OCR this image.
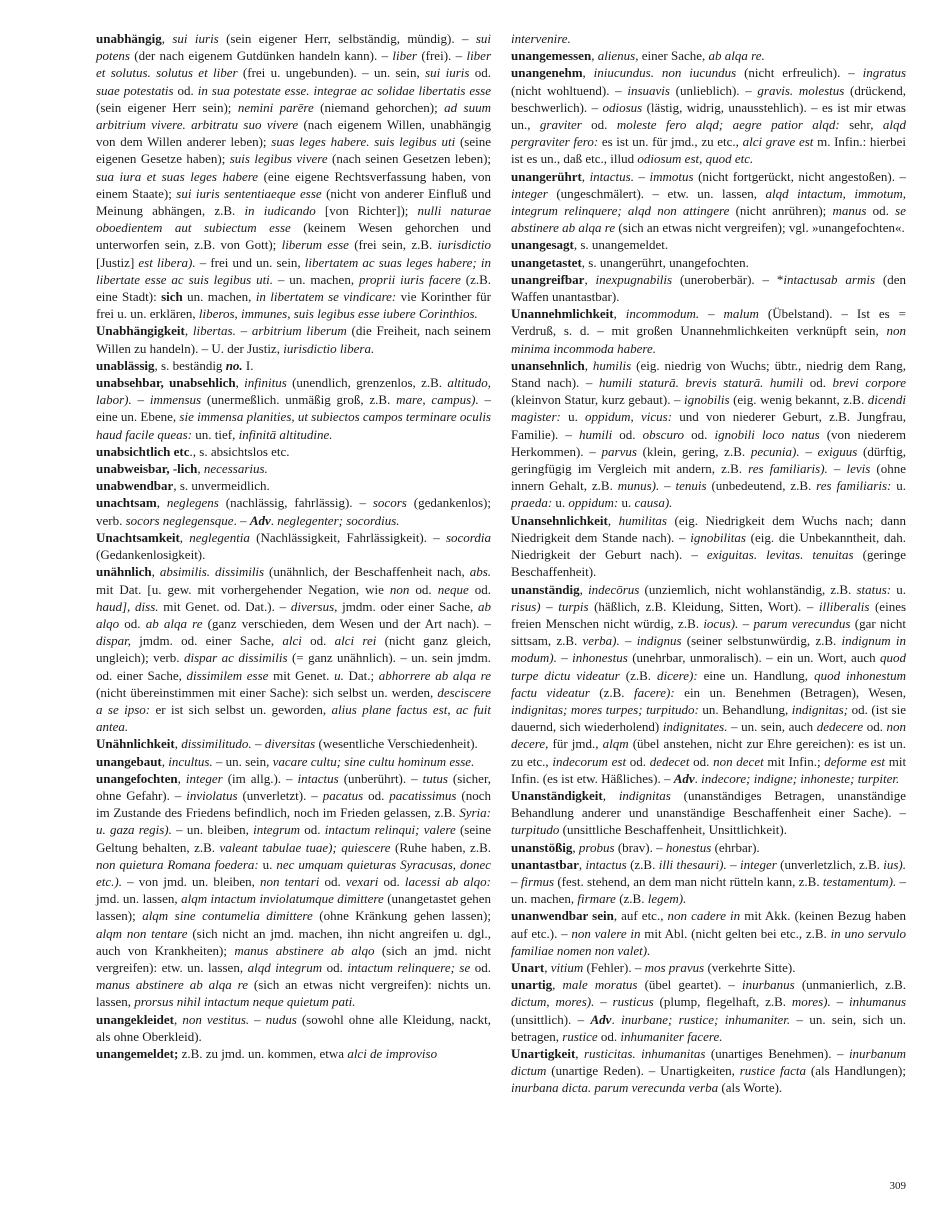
unabhängig, sui iuris (sein eigener Herr, selbständig, mündig). – sui potens (der nach eigenem Gutdünken handeln kann). – liber (frei). – liber et solutus. solutus et liber (frei u. ungebunden). – un. sein, sui iuris od. suae potestatis od. in sua potestate esse. integrae ac solidae libertatis esse (sein eigener Herr sein); nemini parēre (niemand gehorchen); ad suum arbitrium vivere. arbitratu suo vivere (nach eigenem Willen, unabhängig von dem Willen anderer leben); suas leges habere. suis legibus uti (seine eigenen Gesetze haben); suis legibus vivere (nach seinen Gesetzen leben); sua iura et suas leges habere (eine eigene Rechtsverfassung haben, von einem Staate); sui iuris sententiaeque esse (nicht von anderer Einfluß und Meinung abhängen, z.B. in iudicando [von Richter]); nulli naturae oboedientem aut subiectum esse (keinem Wesen gehorchen und unterworfen sein, z.B. von Gott); liberum esse (frei sein, z.B. iurisdictio [Justiz] est libera). – frei und un. sein, libertatem ac suas leges habere; in libertate esse ac suis legibus uti. – un. machen, proprii iuris facere (z.B. eine Stadt): sich un. machen, in libertatem se vindicare: vie Korinther für frei u. un. erklären, liberos, immunes, suis legibus esse iubere Corinthios.

Unabhängigkeit, libertas. – arbitrium liberum (die Freiheit, nach seinem Willen zu handeln). – U. der Justiz, iurisdictio libera.

unablässig, s. beständig no. I.

unabsehbar, unabsehlich, infinitus (unendlich, grenzenlos, z.B. altitudo, labor). – immensus (unermeßlich. unmäßig groß, z.B. mare, campus). – eine un. Ebene, sie immensa planities, ut subiectos campos terminare oculis haud facile queas: un. tief, infinitā altitudine.

unabsichtlich etc., s. absichtslos etc.

unabweisbar, -lich, necessarius.

unabwendbar, s. unvermeidlich.

unachtsam, neglegens (nachlässig, fahrlässig). – socors (gedankenlos); verb. socors neglegensque. – Adv. neglegenter; socordius.

Unachtsamkeit, neglegentia (Nachlässigkeit, Fahrlässigkeit). – socordia (Gedankenlosigkeit).

unähnlich, absimilis. dissimilis (unähnlich, der Beschaffenheit nach, abs. mit Dat. [u. gew. mit vorhergehender Negation, wie non od. neque od. haud], diss. mit Genet. od. Dat.). – diversus, jmdm. oder einer Sache, ab alqo od. ab alqa re (ganz verschieden, dem Wesen und der Art nach). – dispar, jmdm. od. einer Sache, alci od. alci rei (nicht ganz gleich, ungleich); verb. dispar ac dissimilis (= ganz unähnlich). – un. sein jmdm. od. einer Sache, dissimilem esse mit Genet. u. Dat.; abhorrere ab alqa re (nicht übereinstimmen mit einer Sache): sich selbst un. werden, desciscere a se ipso: er ist sich selbst un. geworden, alius plane factus est, ac fuit antea.

Unähnlichkeit, dissimilitudo. – diversitas (wesentliche Verschiedenheit).

unangebaut, incultus. – un. sein, vacare cultu; sine cultu hominum esse.

unangefochten, integer (im allg.). – intactus (unberührt). – tutus (sicher, ohne Gefahr). – inviolatus (unverletzt). – pacatus od. pacatissimus (noch im Zustande des Friedens befindlich, noch im Frieden gelassen, z.B. Syria: u. gaza regis). – un. bleiben, integrum od. intactum relinqui; valere (seine Geltung behalten, z.B. valeant tabulae tuae); quiescere (Ruhe haben, z.B. non quietura Romana foedera: u. nec umquam quieturas Syracusas, donec etc.). – von jmd. un. bleiben, non tentari od. vexari od. lacessi ab alqo: jmd. un. lassen, alqm intactum inviolatumque dimittere (unangetastet gehen lassen); alqm sine contumelia dimittere (ohne Kränkung gehen lassen); alqm non tentare (sich nicht an jmd. machen, ihn nicht angreifen u. dgl., auch von Krankheiten); manus abstinere ab alqo (sich an jmd. nicht vergreifen): etw. un. lassen, alqd integrum od. intactum relinquere; se od. manus abstinere ab alqa re (sich an etwas nicht vergreifen): nichts un. lassen, prorsus nihil intactum neque quietum pati.

unangekleidet, non vestitus. – nudus (sowohl ohne alle Kleidung, nackt, als ohne Oberkleid).

unangemeldet; z.B. zu jmd. un. kommen, etwa alci de improviso

intervenire.

unangemessen, alienus, einer Sache, ab alqa re.

unangenehm, iniucundus. non iucundus (nicht erfreulich). – ingratus (nicht wohltuend). – insuavis (unlieblich). – gravis. molestus (drückend, beschwerlich). – odiosus (lästig, widrig, unausstehlich). – es ist mir etwas un., graviter od. moleste fero alqd; aegre patior alqd: sehr, alqd pergraviter fero: es ist un. für jmd., zu etc., alci grave est m. Infin.: hierbei ist es un., daß etc., illud odiosum est, quod etc.

unangerührt, intactus. – immotus (nicht fortgerückt, nicht angestoßen). – integer (ungeschmälert). – etw. un. lassen, alqd intactum, immotum, integrum relinquere; alqd non attingere (nicht anrühren); manus od. se abstinere ab alqa re (sich an etwas nicht vergreifen); vgl. »unangefochten«.

unangesagt, s. unangemeldet.

unangetastet, s. unangerührt, unangefochten.

unangreifbar, inexpugnabilis (uneroberbär). – *intactusab armis (den Waffen unantastbar).

Unannehmlichkeit, incommodum. – malum (Übelstand). – Ist es = Verdruß, s. d. – mit großen Unannehmlichkeiten verknüpft sein, non minima incommoda habere.

unansehnlich, humilis (eig. niedrig von Wuchs; übtr., niedrig dem Rang, Stand nach). – humili staturā. brevis staturā. humili od. brevi corpore (kleinvon Statur, kurz gebaut). – ignobilis (eig. wenig bekannt, z.B. dicendi magister: u. oppidum, vicus: und von niederer Geburt, z.B. Jungfrau, Familie). – humili od. obscuro od. ignobili loco natus (von niederem Herkommen). – parvus (klein, gering, z.B. pecunia). – exiguus (dürftig, geringfügig im Vergleich mit andern, z.B. res familiaris). – levis (ohne innern Gehalt, z.B. munus). – tenuis (unbedeutend, z.B. res familiaris: u. praeda: u. oppidum: u. causa).

Unansehnlichkeit, humilitas (eig. Niedrigkeit dem Wuchs nach; dann Niedrigkeit dem Stande nach). – ignobilitas (eig. die Unbekanntheit, dah. Niedrigkeit der Geburt nach). – exiguitas. levitas. tenuitas (geringe Beschaffenheit).

unanständig, indecōrus (unziemlich, nicht wohlanständig, z.B. status: u. risus) – turpis (häßlich, z.B. Kleidung, Sitten, Wort). – illiberalis (eines freien Menschen nicht würdig, z.B. iocus). – parum verecundus (gar nicht sittsam, z.B. verba). – indignus (seiner selbstunwürdig, z.B. indignum in modum). – inhonestus (unehrbar, unmoralisch). – ein un. Wort, auch quod turpe dictu videatur (z.B. dicere): eine un. Handlung, quod inhonestum factu videatur (z.B. facere): ein un. Benehmen (Betragen), Wesen, indignitas; mores turpes; turpitudo: un. Behandlung, indignitas; od. (ist sie dauernd, sich wiederholend) indignitates. – un. sein, auch dedecere od. non decere, für jmd., alqm (übel anstehen, nicht zur Ehre gereichen): es ist un. zu etc., indecorum est od. dedecet od. non decet mit Infin.; deforme est mit Infin. (es ist etw. Häßliches). – Adv. indecore; indigne; inhoneste; turpiter.

Unanständigkeit, indignitas (unanständiges Betragen, unanständige Behandlung anderer und unanständige Beschaffenheit einer Sache). – turpitudo (unsittliche Beschaffenheit, Unsittlichkeit).

unanstößig, probus (brav). – honestus (ehrbar).

unantastbar, intactus (z.B. illi thesauri). – integer (unverletzlich, z.B. ius). – firmus (fest. stehend, an dem man nicht rütteln kann, z.B. testamentum). – un. machen, firmare (z.B. legem).

unanwendbar sein, auf etc., non cadere in mit Akk. (keinen Bezug haben auf etc.). – non valere in mit Abl. (nicht gelten bei etc., z.B. in uno servulo familiae nomen non valet).

Unart, vitium (Fehler). – mos pravus (verkehrte Sitte).

unartig, male moratus (übel geartet). – inurbanus (unmanierlich, z.B. dictum, mores). – rusticus (plump, flegelhaft, z.B. mores). – inhumanus (unsittlich). – Adv. inurbane; rustice; inhumaniter. – un. sein, sich un. betragen, rustice od. inhumaniter facere.

Unartigkeit, rusticitas. inhumanitas (unartiges Benehmen). – inurbanum dictum (unartige Reden). – Unartigkeiten, rustice facta (als Handlungen); inurbana dicta. parum verecunda verba (als Worte).

309
